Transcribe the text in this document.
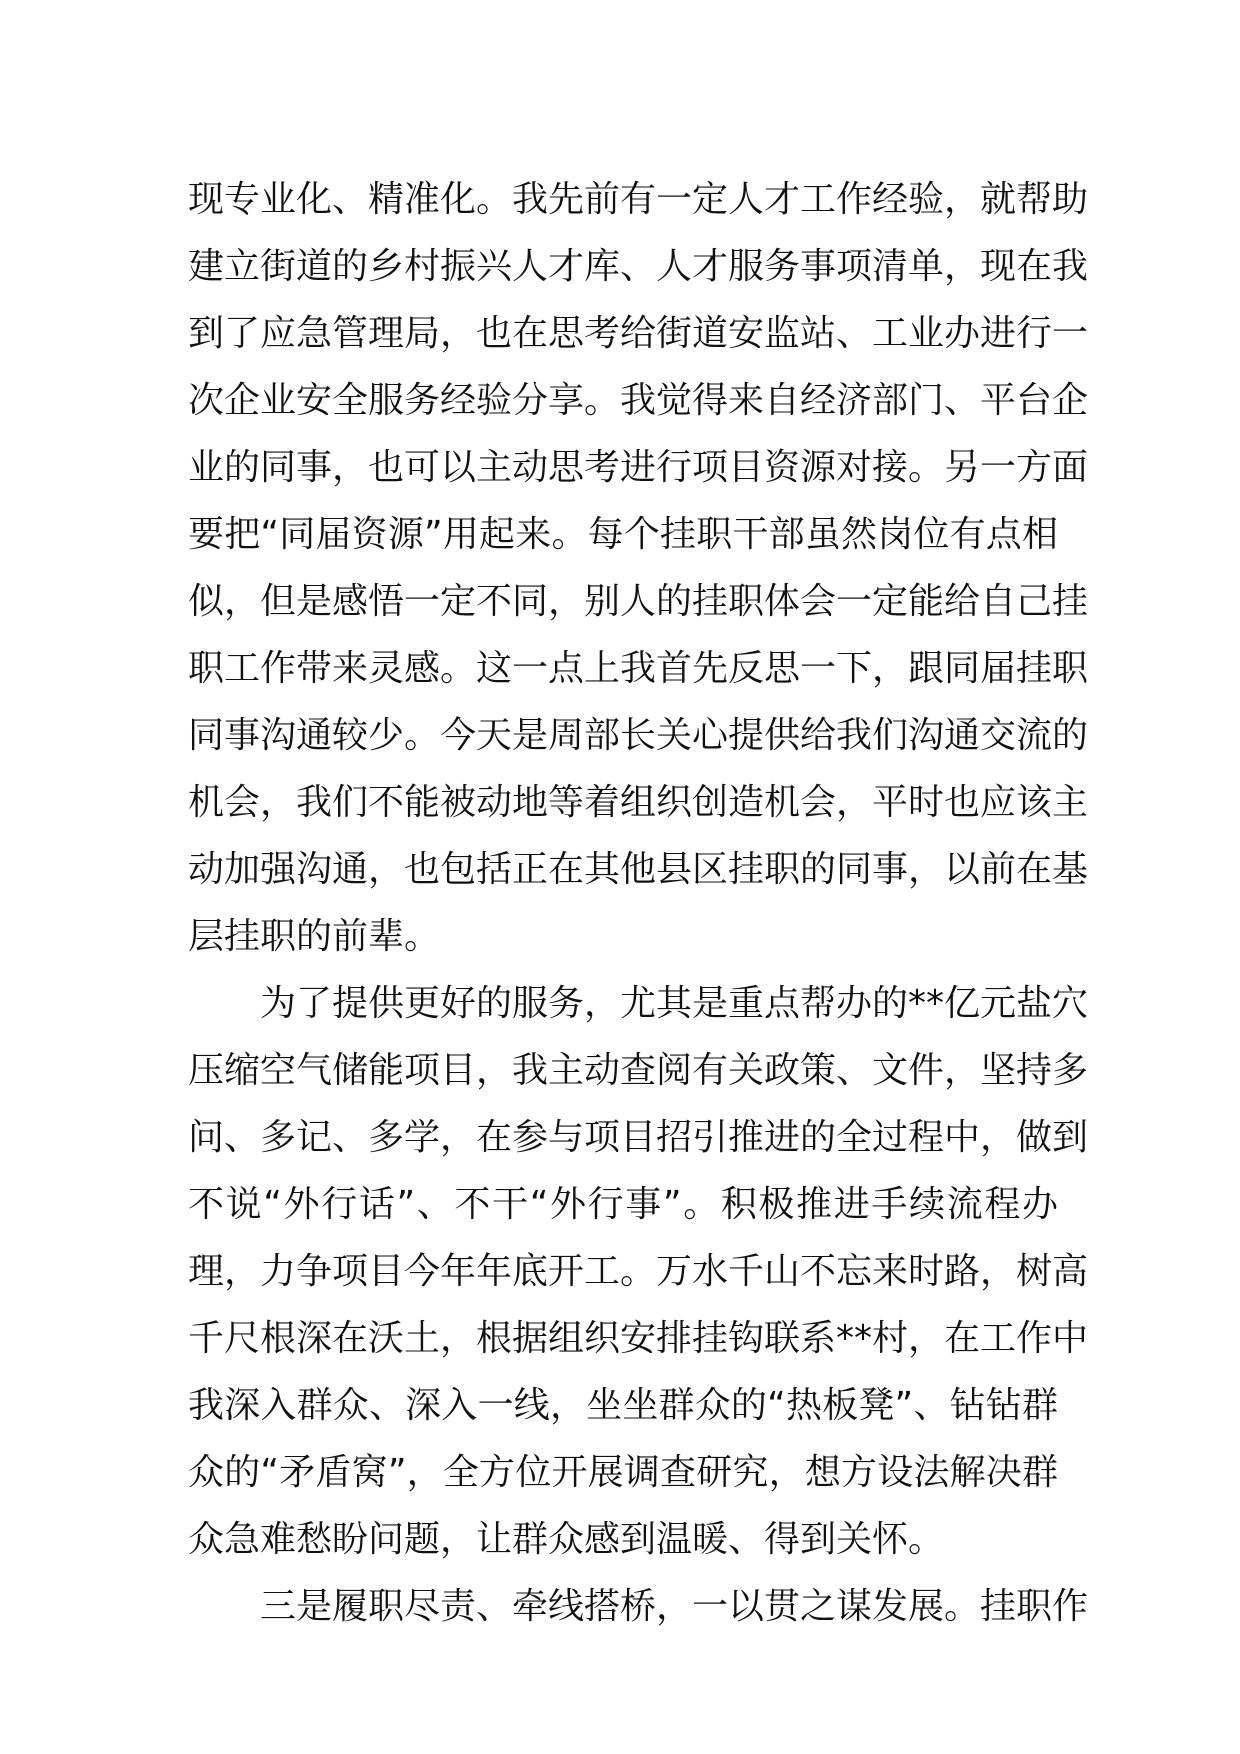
现专业化、精准化。我先前有一定人才工作经验，就帮助
建立街道的乡村振兴人才库、人才服务事项清单，现在我
到了应急管理局，也在思考给街道安监站、工业办进行一
次企业安全服务经验分享。我觉得来自经济部门、平台企
业的同事，也可以主动思考进行项目资源对接。另一方面
要把“同届资源”用起来。每个挂职干部虽然岗位有点相
似，但是感悟一定不同，别人的挂职体会一定能给自己挂
职工作带来灵感。这一点上我首先反思一下，跟同届挂职
同事沟通较少。今天是周部长关心提供给我们沟通交流的
机会，我们不能被动地等着组织创造机会，平时也应该主
动加强沟通，也包括正在其他县区挂职的同事，以前在基
层挂职的前辈。
为了提供更好的服务，尤其是重点帮办的**亿元盐穴
压缩空气储能项目，我主动查阅有关政策、文件，坚持多
问、多记、多学，在参与项目招引推进的全过程中，做到
不说“外行话”、不干“外行事”。积极推进手续流程办
理，力争项目今年年底开工。万水千山不忘来时路，树高
千尺根深在沃土，根据组织安排挂钩联系**村，在工作中
我深入群众、深入一线，坐坐群众的“热板凳”、钻钻群
众的“矛盾窝”，全方位开展调查研究，想方设法解决群
众急难愁盼问题，让群众感到温暖、得到关怀。
三是履职尽责、牵线搭桥，一以贯之谋发展。挂职作
